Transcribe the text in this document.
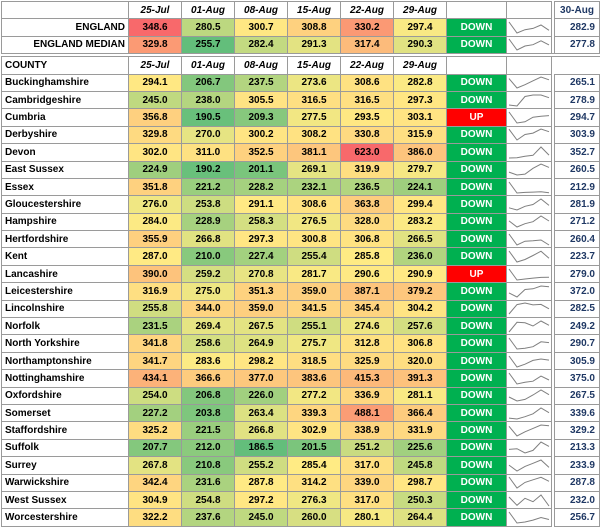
	25-Jul	01-Aug	08-Aug	15-Aug	22-Aug	29-Aug				30-Aug
ENGLAND	348.6	280.5	300.7	308.8	330.2	297.4	DOWN			282.9
ENGLAND MEDIAN	329.8	255.7	282.4	291.3	317.4	290.3	DOWN			277.8

COUNTY	25-Jul	01-Aug	08-Aug	15-Aug	22-Aug	29-Aug				
Buckinghamshire	294.1	206.7	237.5	273.6	308.6	282.8	DOWN			265.1
Cambridgeshire	245.0	238.0	305.5	316.5	316.5	297.3	DOWN			278.9
Cumbria	356.8	190.5	209.3	277.5	293.5	303.1	UP			294.7
Derbyshire	329.8	270.0	300.2	308.2	330.8	315.9	DOWN			303.9
Devon	302.0	311.0	352.5	381.1	623.0	386.0	DOWN			352.7
East Sussex	224.9	190.2	201.1	269.1	319.9	279.7	DOWN			260.5
Essex	351.8	221.2	228.2	232.1	236.5	224.1	DOWN			212.9
Gloucestershire	276.0	253.8	291.1	308.6	363.8	299.4	DOWN			281.9
Hampshire	284.0	228.9	258.3	276.5	328.0	283.2	DOWN			271.2
Hertfordshire	355.9	266.8	297.3	300.8	306.8	266.5	DOWN			260.4
Kent	287.0	210.0	227.4	255.4	285.8	236.0	DOWN			223.7
Lancashire	390.0	259.2	270.8	281.7	290.6	290.9	UP			279.0
Leicestershire	316.9	275.0	351.3	359.0	387.1	379.2	DOWN			372.0
Lincolnshire	255.8	344.0	359.0	341.5	345.4	304.2	DOWN			282.5
Norfolk	231.5	269.4	267.5	255.1	274.6	257.6	DOWN			249.2
North Yorkshire	341.8	258.6	264.9	275.7	312.8	306.8	DOWN			290.7
Northamptonshire	341.7	283.6	298.2	318.5	325.9	320.0	DOWN			305.9
Nottinghamshire	434.1	366.6	377.0	383.6	415.3	391.3	DOWN			375.0
Oxfordshire	254.0	206.8	226.0	277.2	336.9	281.1	DOWN			267.5
Somerset	227.2	203.8	263.4	339.3	488.1	366.4	DOWN			339.6
Staffordshire	325.2	221.5	266.8	302.9	338.9	331.9	DOWN			329.2
Suffolk	207.7	212.0	186.5	201.5	251.2	225.6	DOWN			213.3
Surrey	267.8	210.8	255.2	285.4	317.0	245.8	DOWN			233.9
Warwickshire	342.4	231.6	287.8	314.2	339.0	298.7	DOWN			287.8
West Sussex	304.9	254.8	297.2	276.3	317.0	250.3	DOWN			232.0
Worcestershire	322.2	237.6	245.0	260.0	280.1	264.4	DOWN			256.7
